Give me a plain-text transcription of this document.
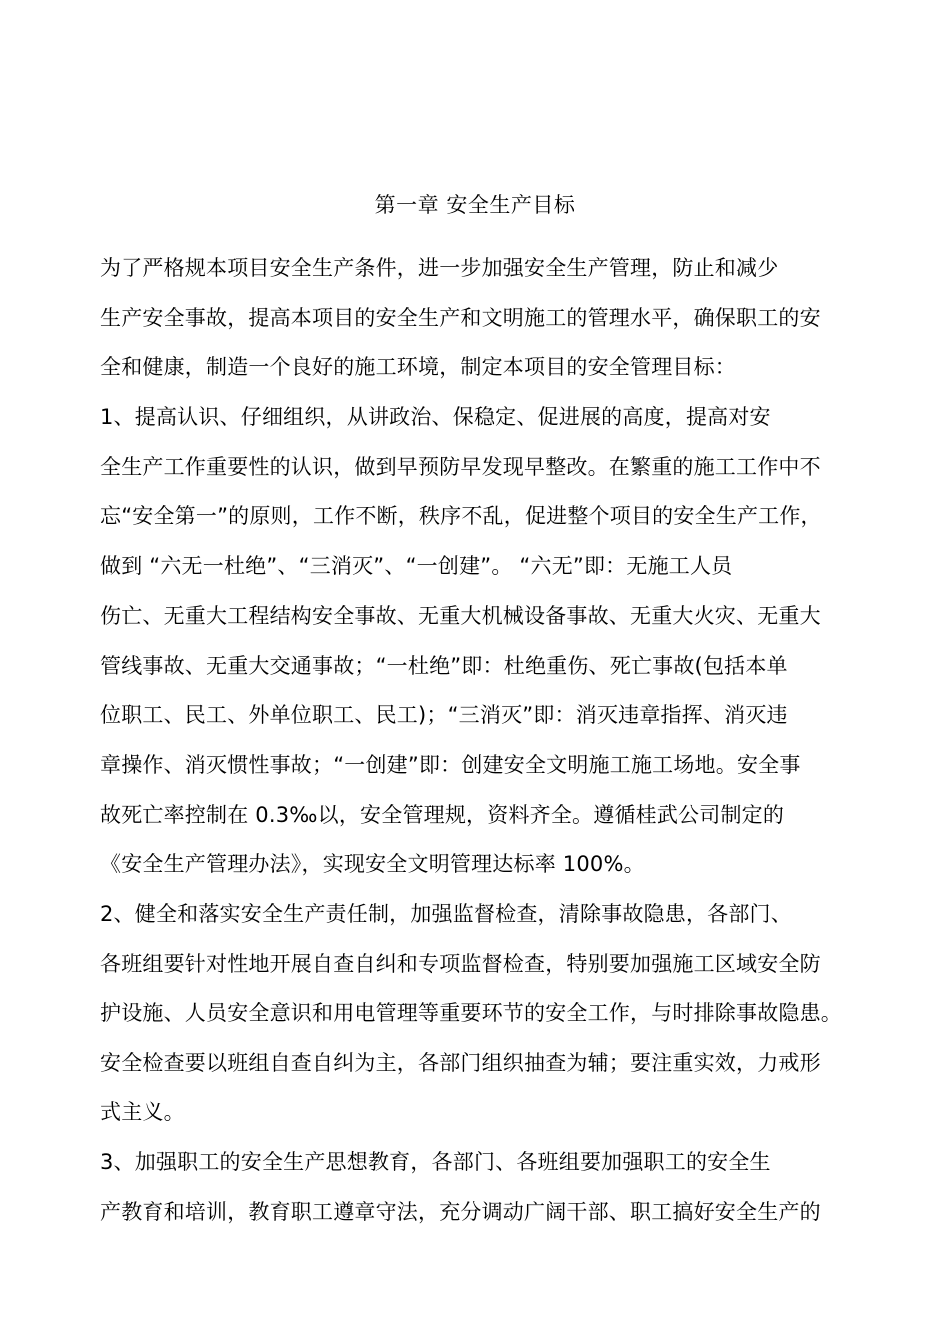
第一章 安全生产目标
为了严格规本项目安全生产条件，进一步加强安全生产管理，防止和减少
生产安全事故，提高本项目的安全生产和文明施工的管理水平，确保职工的安
全和健康，制造一个良好的施工环境，制定本项目的安全管理目标：
1、提高认识、仔细组织，从讲政治、保稳定、促进展的高度，提高对安
全生产工作重要性的认识，做到早预防早发现早整改。在繁重的施工工作中不
忘“安全第一”的原则，工作不断，秩序不乱，促进整个项目的安全生产工作，
做到 “六无一杜绝”、“三消灭”、“一创建”。 “六无”即：无施工人员
伤亡、无重大工程结构安全事故、无重大机械设备事故、无重大火灾、无重大
管线事故、无重大交通事故；“一杜绝”即：杜绝重伤、死亡事故(包括本单
位职工、民工、外单位职工、民工)；“三消灭”即：消灭违章指挥、消灭违
章操作、消灭惯性事故；“一创建”即：创建安全文明施工施工场地。安全事
故死亡率控制在 0.3‰以，安全管理规，资料齐全。遵循桂武公司制定的
《安全生产管理办法》，实现安全文明管理达标率 100%。
2、健全和落实安全生产责任制，加强监督检查，清除事故隐患，各部门、
各班组要针对性地开展自查自纠和专项监督检查，特别要加强施工区域安全防
护设施、人员安全意识和用电管理等重要环节的安全工作，与时排除事故隐患。
安全检查要以班组自查自纠为主，各部门组织抽查为辅；要注重实效，力戒形
式主义。
3、加强职工的安全生产思想教育，各部门、各班组要加强职工的安全生
产教育和培训，教育职工遵章守法，充分调动广阔干部、职工搞好安全生产的
